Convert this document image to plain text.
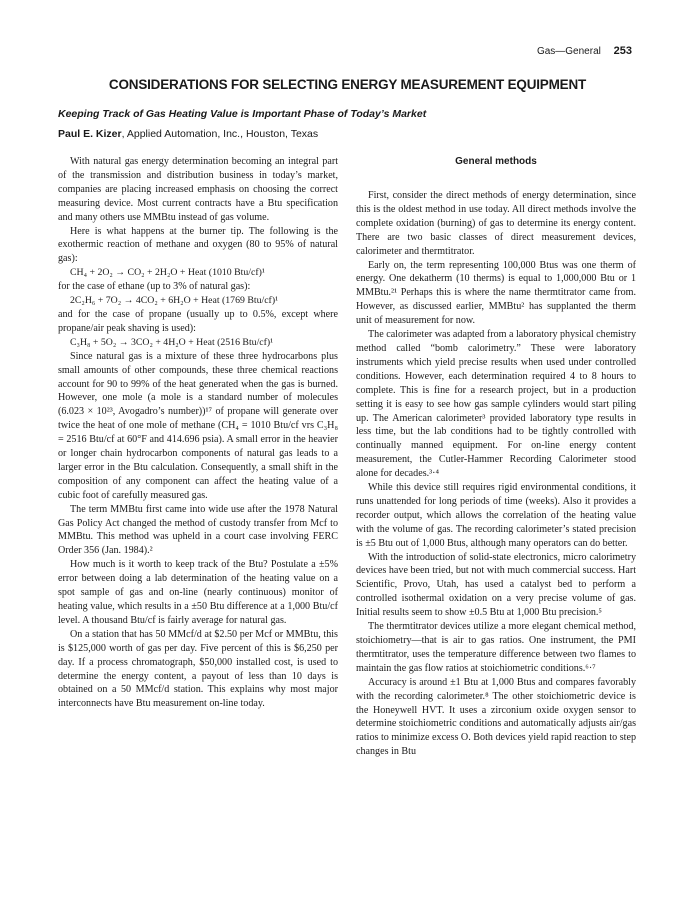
Gas—General 253
CONSIDERATIONS FOR SELECTING ENERGY MEASUREMENT EQUIPMENT
Keeping Track of Gas Heating Value is Important Phase of Today’s Market
Paul E. Kizer, Applied Automation, Inc., Houston, Texas

With natural gas energy determination becoming an integral part of the transmission and distribution business in today’s market, companies are placing increased emphasis on choosing the correct measuring device. Most current contracts have a Btu specification and many others use MMBtu instead of gas volume.

Here is what happens at the burner tip. The following is the exothermic reaction of methane and oxygen (80 to 95% of natural gas):

CH₄ + 2O₂ → CO₂ + 2H₂O + Heat (1010 Btu/cf)¹

for the case of ethane (up to 3% of natural gas):

2C₂H₆ + 7O₂ → 4CO₂ + 6H₂O + Heat (1769 Btu/cf)¹

and for the case of propane (usually up to 0.5%, except where propane/air peak shaving is used):

C₃H₈ + 5O₂ → 3CO₂ + 4H₂O + Heat (2516 Btu/cf)¹

Since natural gas is a mixture of these three hydrocarbons plus small amounts of other compounds, these three chemical reactions account for 90 to 99% of the heat generated when the gas is burned. However, one mole (a mole is a standard number of molecules (6.023 × 10²³, Avogadro’s number))¹⁷ of propane will generate over twice the heat of one mole of methane (CH₄ = 1010 Btu/cf vrs C₃H₈ = 2516 Btu/cf at 60°F and 414.696 psia). A small error in the heavier or longer chain hydrocarbon components of natural gas leads to a larger error in the Btu calculation. Consequently, a small shift in the composition of any component can affect the heating value of a cubic foot of carefully measured gas.

The term MMBtu first came into wide use after the 1978 Natural Gas Policy Act changed the method of custody transfer from Mcf to MMBtu. This method was upheld in a court case involving FERC Order 356 (Jan. 1984).²

How much is it worth to keep track of the Btu? Postulate a ±5% error between doing a lab determination of the heating value on a spot sample of gas and on-line (nearly continuous) monitor of heating value, which results in a ±50 Btu difference at a 1,000 Btu/cf level. A thousand Btu/cf is fairly average for natural gas.

On a station that has 50 MMcf/d at $2.50 per Mcf or MMBtu, this is $125,000 worth of gas per day. Five percent of this is $6,250 per day. If a process chromatograph, $50,000 installed cost, is used to determine the energy content, a payout of less than 10 days is obtained on a 50 MMcf/d station. This explains why most major interconnects have Btu measurement on-line today.

General methods

First, consider the direct methods of energy determination, since this is the oldest method in use today. All direct methods involve the complete oxidation (burning) of gas to determine its energy content. There are two basic classes of direct measurement devices, calorimeter and thermtitrator.

Early on, the term representing 100,000 Btus was one therm of energy. One dekatherm (10 therms) is equal to 1,000,000 Btu or 1 MMBtu.²¹ Perhaps this is where the name thermtitrator came from. However, as discussed earlier, MMBtu² has supplanted the therm unit of measurement for now.

The calorimeter was adapted from a laboratory physical chemistry method called “bomb calorimetry.” These were laboratory instruments which yield precise results when used under controlled conditions. However, each determination required 4 to 8 hours to complete. This is fine for a research project, but in a production setting it is easy to see how gas sample cylinders would start piling up. The American calorimeter³ provided laboratory type results in less time, but the lab conditions had to be tightly controlled with continually manned equipment. For on-line energy content measurement, the Cutler-Hammer Recording Calorimeter stood alone for decades.³·⁴

While this device still requires rigid environmental conditions, it runs unattended for long periods of time (weeks). Also it provides a recorder output, which allows the correlation of the heating value with the volume of gas. The recording calorimeter’s stated precision is ±5 Btu out of 1,000 Btus, although many operators can do better.

With the introduction of solid-state electronics, micro calorimetry devices have been tried, but not with much commercial success. Hart Scientific, Provo, Utah, has used a catalyst bed to perform a controlled isothermal oxidation on a very precise volume of gas. Initial results seem to show ±0.5 Btu at 1,000 Btu precision.⁵

The thermtitrator devices utilize a more elegant chemical method, stoichiometry—that is air to gas ratios. One instrument, the PMI thermtitrator, uses the temperature difference between two flames to maintain the gas flow ratios at stoichiometric conditions.⁶·⁷

Accuracy is around ±1 Btu at 1,000 Btus and compares favorably with the recording calorimeter.⁸ The other stoichiometric device is the Honeywell HVT. It uses a zirconium oxide oxygen sensor to determine stoichiometric conditions and automatically adjusts air/gas ratios to minimize excess O. Both devices yield rapid reaction to step changes in Btu
